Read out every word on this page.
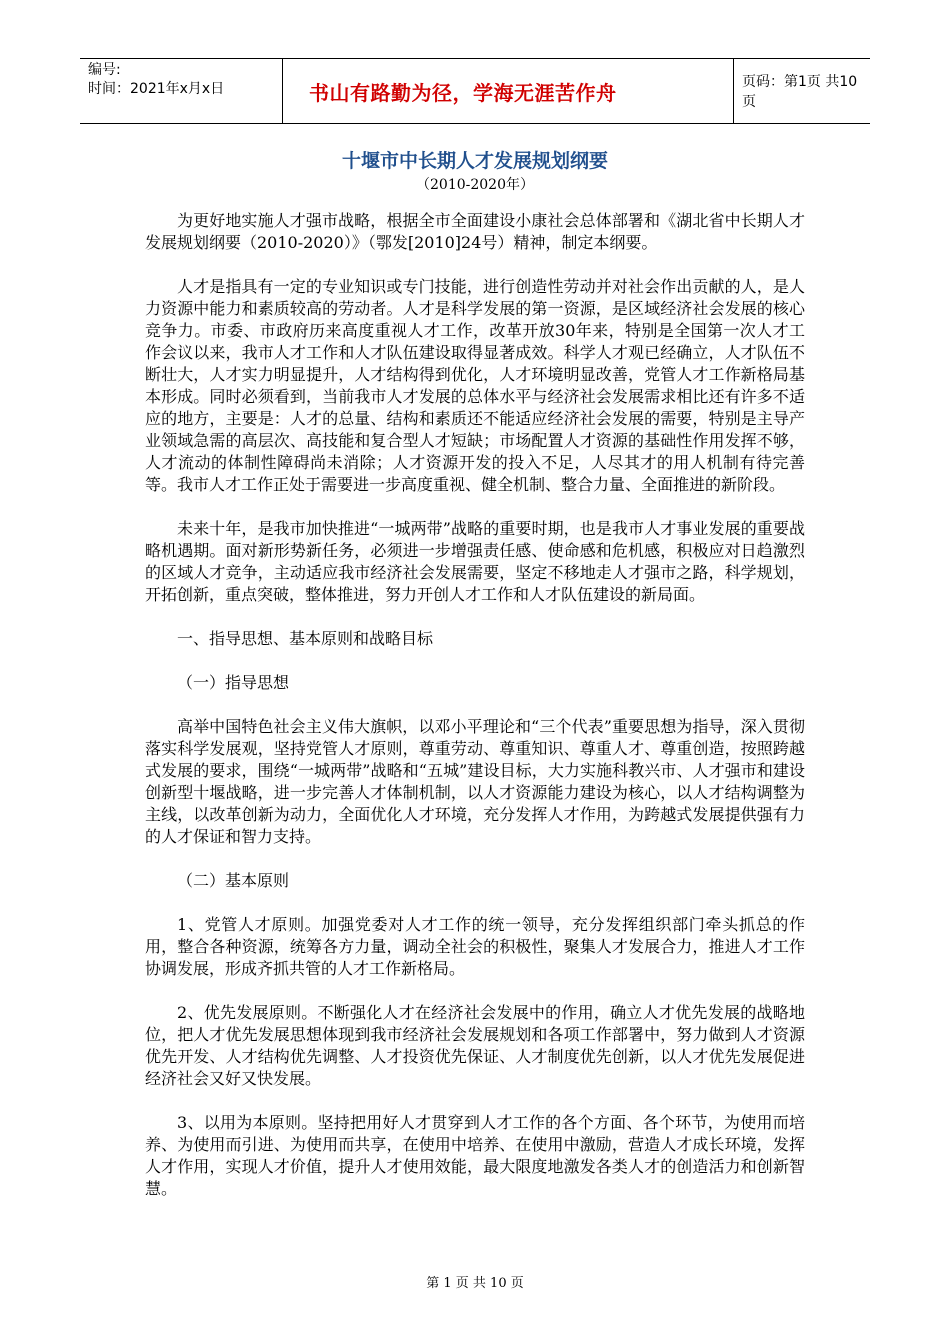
编号:
时间：2021年x月x日	书山有路勤为径，学海无涯苦作舟	页码：第1页 共10页
十堰市中长期人才发展规划纲要
（2010-2020年）

为更好地实施人才强市战略，根据全市全面建设小康社会总体部署和《湖北省中长期人才发展规划纲要（2010-2020）》（鄂发[2010]24号）精神，制定本纲要。

人才是指具有一定的专业知识或专门技能，进行创造性劳动并对社会作出贡献的人，是人力资源中能力和素质较高的劳动者。人才是科学发展的第一资源，是区域经济社会发展的核心竞争力。市委、市政府历来高度重视人才工作，改革开放30年来，特别是全国第一次人才工作会议以来，我市人才工作和人才队伍建设取得显著成效。科学人才观已经确立，人才队伍不断壮大，人才实力明显提升，人才结构得到优化，人才环境明显改善，党管人才工作新格局基本形成。同时必须看到，当前我市人才发展的总体水平与经济社会发展需求相比还有许多不适应的地方，主要是：人才的总量、结构和素质还不能适应经济社会发展的需要，特别是主导产业领域急需的高层次、高技能和复合型人才短缺；市场配置人才资源的基础性作用发挥不够，人才流动的体制性障碍尚未消除；人才资源开发的投入不足，人尽其才的用人机制有待完善等。我市人才工作正处于需要进一步高度重视、健全机制、整合力量、全面推进的新阶段。

未来十年，是我市加快推进“一城两带”战略的重要时期，也是我市人才事业发展的重要战略机遇期。面对新形势新任务，必须进一步增强责任感、使命感和危机感，积极应对日趋激烈的区域人才竞争，主动适应我市经济社会发展需要，坚定不移地走人才强市之路，科学规划，开拓创新，重点突破，整体推进，努力开创人才工作和人才队伍建设的新局面。

一、指导思想、基本原则和战略目标

（一）指导思想

高举中国特色社会主义伟大旗帜，以邓小平理论和“三个代表”重要思想为指导，深入贯彻落实科学发展观，坚持党管人才原则，尊重劳动、尊重知识、尊重人才、尊重创造，按照跨越式发展的要求，围绕“一城两带”战略和“五城”建设目标，大力实施科教兴市、人才强市和建设创新型十堰战略，进一步完善人才体制机制，以人才资源能力建设为核心，以人才结构调整为主线，以改革创新为动力，全面优化人才环境，充分发挥人才作用，为跨越式发展提供强有力的人才保证和智力支持。

（二）基本原则

1、党管人才原则。加强党委对人才工作的统一领导，充分发挥组织部门牵头抓总的作用，整合各种资源，统筹各方力量，调动全社会的积极性，聚集人才发展合力，推进人才工作协调发展，形成齐抓共管的人才工作新格局。

2、优先发展原则。不断强化人才在经济社会发展中的作用，确立人才优先发展的战略地位，把人才优先发展思想体现到我市经济社会发展规划和各项工作部署中，努力做到人才资源优先开发、人才结构优先调整、人才投资优先保证、人才制度优先创新，以人才优先发展促进经济社会又好又快发展。

3、以用为本原则。坚持把用好人才贯穿到人才工作的各个方面、各个环节，为使用而培养、为使用而引进、为使用而共享，在使用中培养、在使用中激励，营造人才成长环境，发挥人才作用，实现人才价值，提升人才使用效能，最大限度地激发各类人才的创造活力和创新智慧。

第 1 页 共 10 页
